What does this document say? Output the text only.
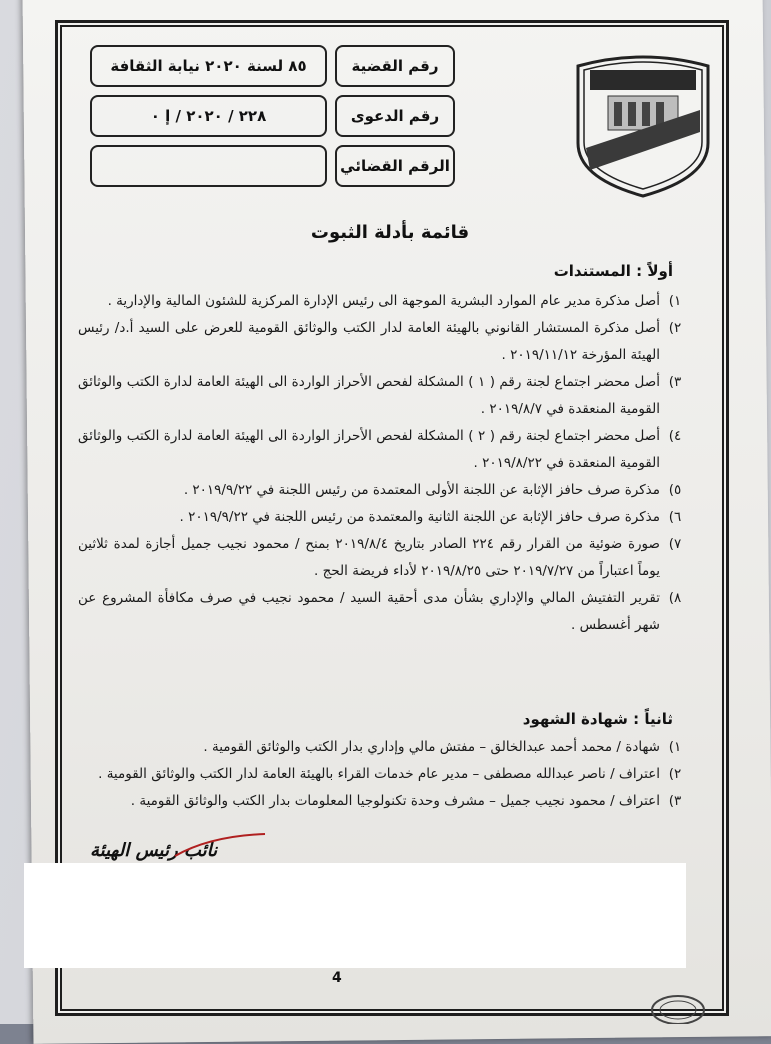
رقم القضية
٨٥ لسنة ٢٠٢٠ نيابة الثقافة
رقم الدعوى
٢٢٨ / ٢٠٢٠ / إ ٠
الرقم القضائي
قائمة بأدلة الثبوت
أولاً : المستندات
١)
أصل مذكرة مدير عام الموارد البشرية الموجهة الى رئيس الإدارة المركزية للشئون المالية والإدارية .
٢)
أصل مذكرة المستشار القانوني بالهيئة العامة لدار الكتب والوثائق القومية للعرض على السيد أ.د/ رئيس الهيئة المؤرخة ٢٠١٩/١١/١٢ .
٣)
أصل محضر اجتماع لجنة رقم ( ١ ) المشكلة لفحص الأحراز الواردة الى الهيئة العامة لدارة الكتب والوثائق القومية المنعقدة في ٢٠١٩/٨/٧ .
٤)
أصل محضر اجتماع لجنة رقم ( ٢ ) المشكلة لفحص الأحراز الواردة الى الهيئة العامة لدارة الكتب والوثائق القومية المنعقدة في ٢٠١٩/٨/٢٢ .
٥)
مذكرة صرف حافز الإثابة عن اللجنة الأولى المعتمدة من رئيس اللجنة في ٢٠١٩/٩/٢٢ .
٦)
مذكرة صرف حافز الإثابة عن اللجنة الثانية والمعتمدة من رئيس اللجنة في ٢٠١٩/٩/٢٢ .
٧)
صورة ضوئية من القرار رقم ٢٢٤ الصادر بتاريخ ٢٠١٩/٨/٤ بمنح / محمود نجيب جميل أجازة لمدة ثلاثين يوماً اعتباراً من ٢٠١٩/٧/٢٧ حتى ٢٠١٩/٨/٢٥ لأداء فريضة الحج .
٨)
تقرير التفتيش المالي والإداري بشأن مدى أحقية السيد / محمود نجيب في صرف مكافأة المشروع عن شهر أغسطس .
ثانياً : شهادة الشهود
١)
شهادة / محمد أحمد عبدالخالق – مفتش مالي وإداري بدار الكتب والوثائق القومية .
٢)
اعتراف / ناصر عبدالله مصطفى – مدير عام خدمات القراء بالهيئة العامة لدار الكتب والوثائق القومية .
٣)
اعتراف / محمود نجيب جميل – مشرف وحدة تكنولوجيا المعلومات بدار الكتب والوثائق القومية .
نائب رئيس الهيئة
4
